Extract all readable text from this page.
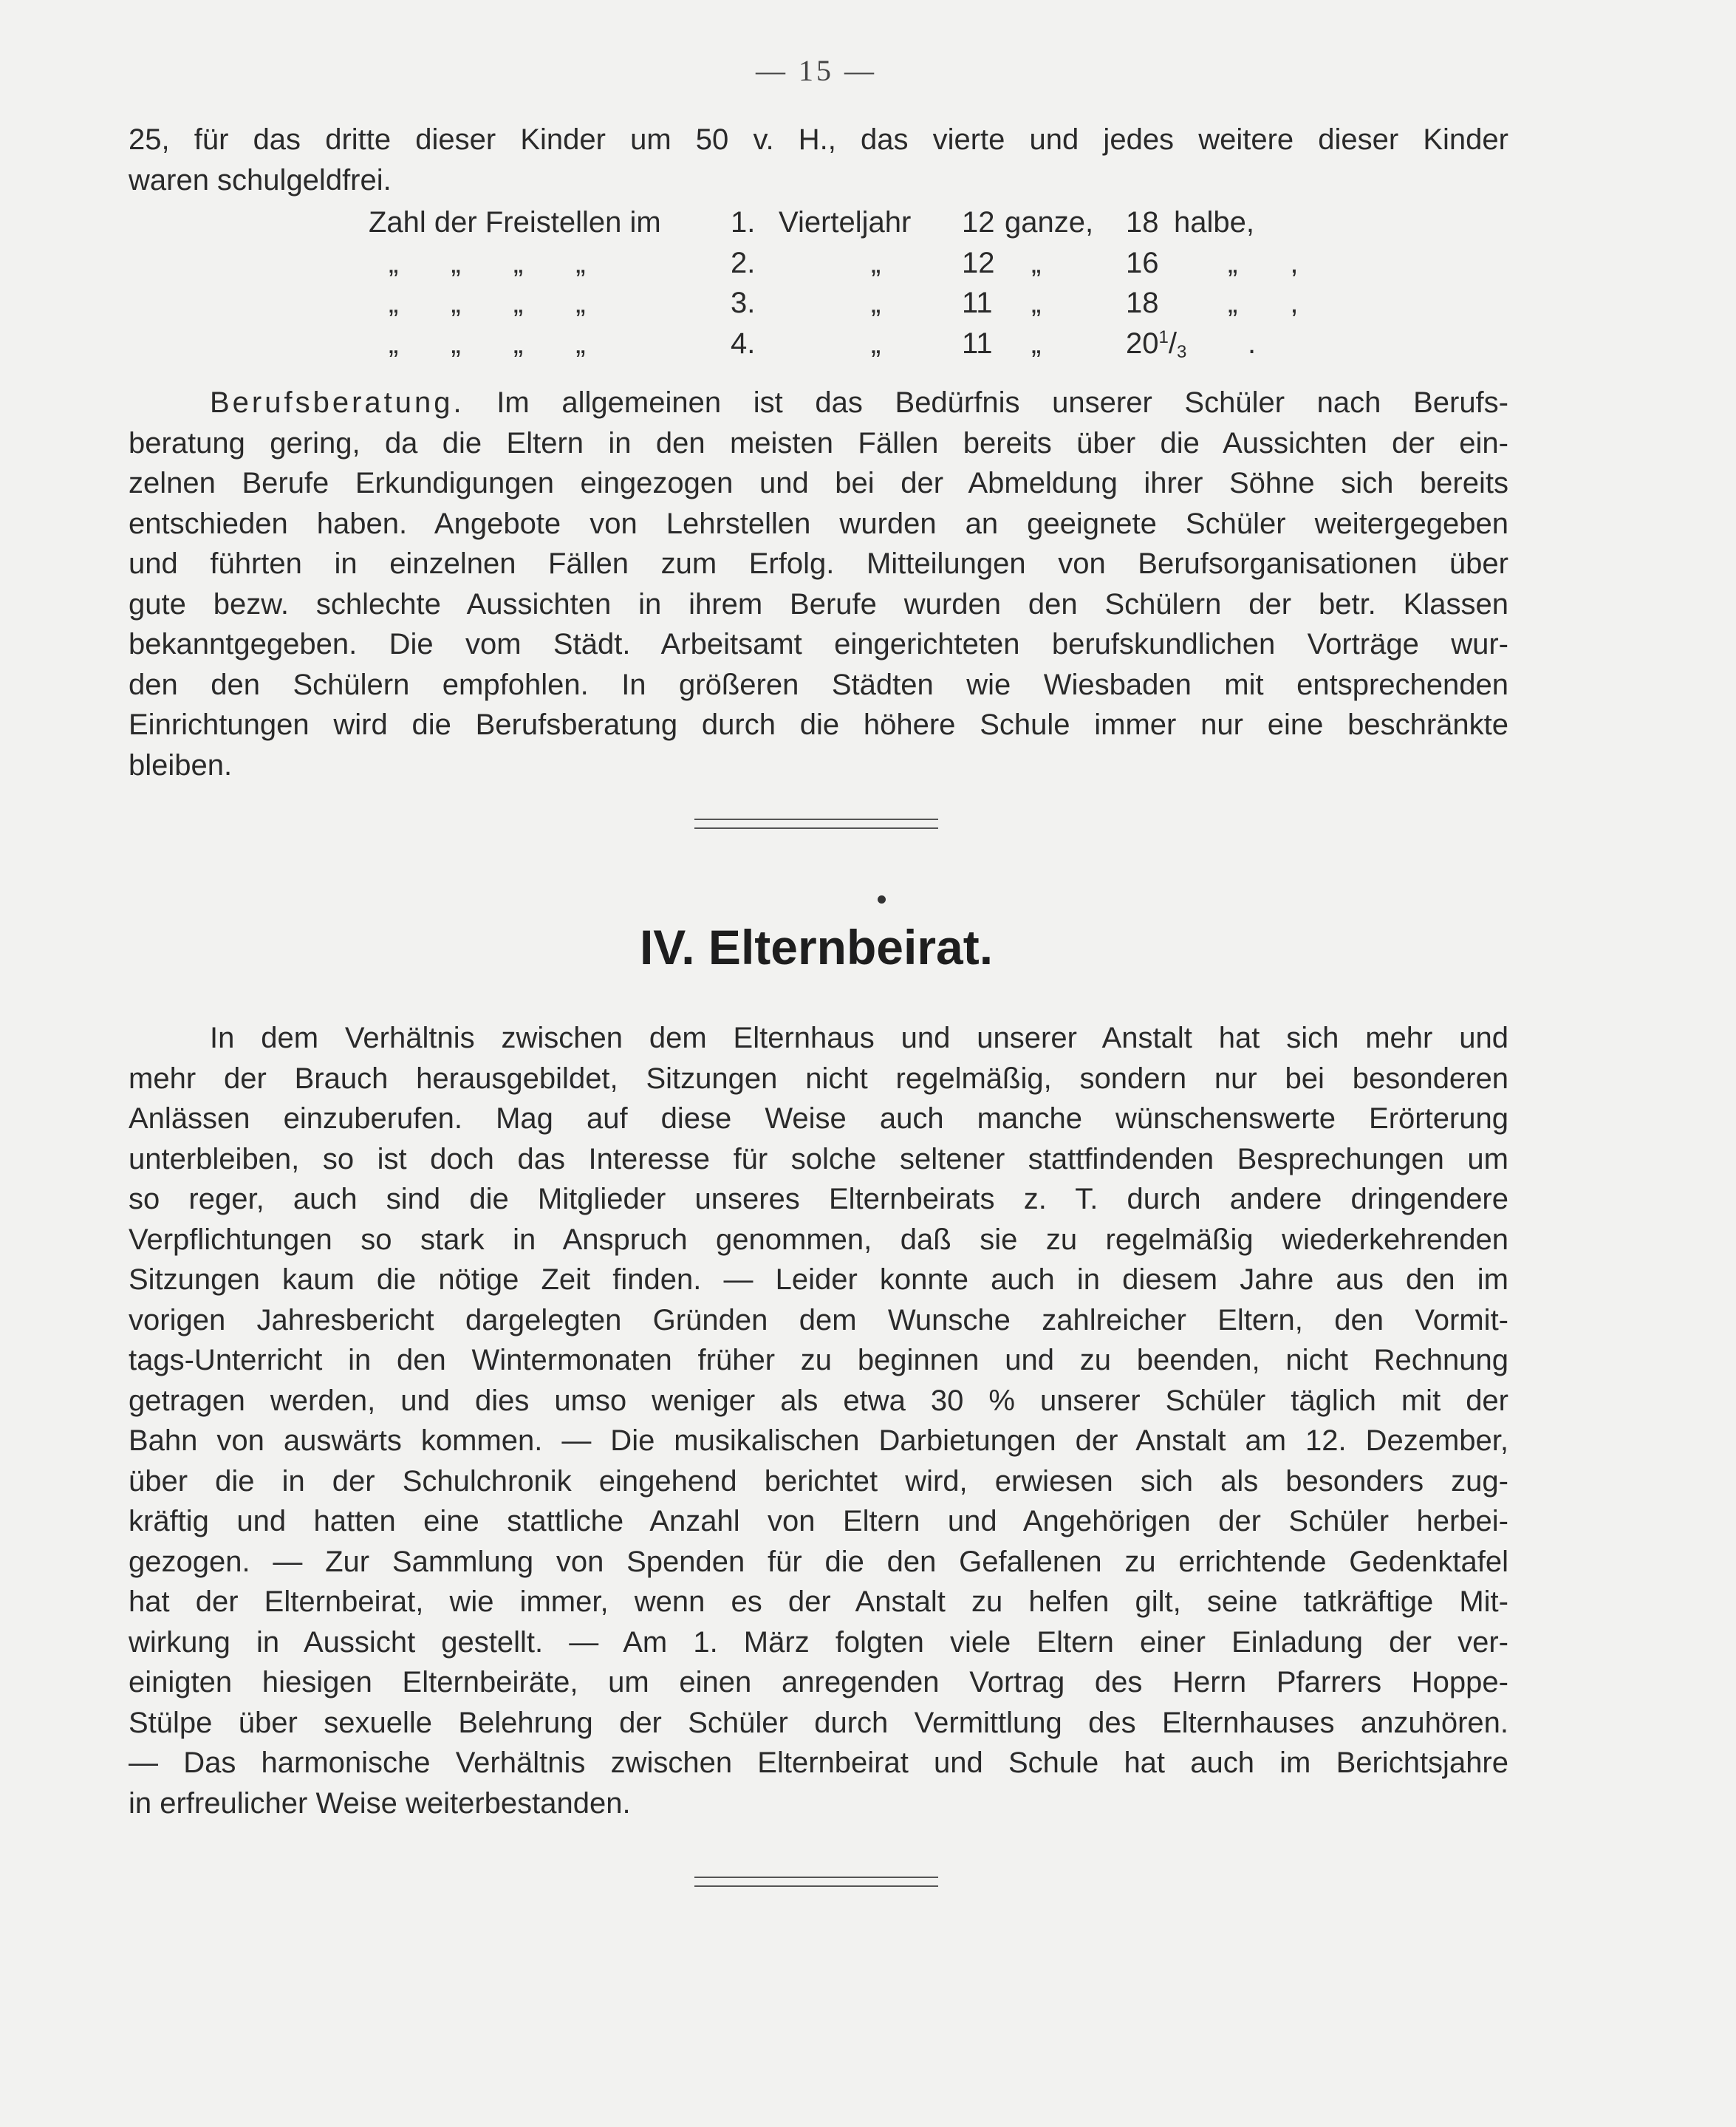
— 15 —

25, für das dritte dieser Kinder um 50 v. H., das vierte und jedes weitere dieser Kinder

waren schulgeldfrei.

Zahl der Freistellen im 1. Vierteljahr 12 ganze, 18 halbe,
„ „ „ „	2.	„	12 „	16 „ ,
„ „ „ „	3.	„	11 „	18 „ ,
„ „ „ „	4.	„	11 „	$20^1/_3$ .

Berufsberatung. Im allgemeinen ist das Bedürfnis unserer Schüler nach Berufs-

beratung gering, da die Eltern in den meisten Fällen bereits über die Aussichten der ein-

zelnen Berufe Erkundigungen eingezogen und bei der Abmeldung ihrer Söhne sich bereits

entschieden haben. Angebote von Lehrstellen wurden an geeignete Schüler weitergegeben

und führten in einzelnen Fällen zum Erfolg. Mitteilungen von Berufsorganisationen über

gute bezw. schlechte Aussichten in ihrem Berufe wurden den Schülern der betr. Klassen

bekanntgegeben. Die vom Städt. Arbeitsamt eingerichteten berufskundlichen Vorträge wur-

den den Schülern empfohlen. In größeren Städten wie Wiesbaden mit entsprechenden

Einrichtungen wird die Berufsberatung durch die höhere Schule immer nur eine beschränkte

bleiben.

IV. Elternbeirat.

In dem Verhältnis zwischen dem Elternhaus und unserer Anstalt hat sich mehr und

mehr der Brauch herausgebildet, Sitzungen nicht regelmäßig, sondern nur bei besonderen

Anlässen einzuberufen. Mag auf diese Weise auch manche wünschenswerte Erörterung

unterbleiben, so ist doch das Interesse für solche seltener stattfindenden Besprechungen um

so reger, auch sind die Mitglieder unseres Elternbeirats z. T. durch andere dringendere

Verpflichtungen so stark in Anspruch genommen, daß sie zu regelmäßig wiederkehrenden

Sitzungen kaum die nötige Zeit finden. — Leider konnte auch in diesem Jahre aus den im

vorigen Jahresbericht dargelegten Gründen dem Wunsche zahlreicher Eltern, den Vormit-

tags-Unterricht in den Wintermonaten früher zu beginnen und zu beenden, nicht Rechnung

getragen werden, und dies umso weniger als etwa 30 % unserer Schüler täglich mit der

Bahn von auswärts kommen. — Die musikalischen Darbietungen der Anstalt am 12. Dezember,

über die in der Schulchronik eingehend berichtet wird, erwiesen sich als besonders zug-

kräftig und hatten eine stattliche Anzahl von Eltern und Angehörigen der Schüler herbei-

gezogen. — Zur Sammlung von Spenden für die den Gefallenen zu errichtende Gedenktafel

hat der Elternbeirat, wie immer, wenn es der Anstalt zu helfen gilt, seine tatkräftige Mit-

wirkung in Aussicht gestellt. — Am 1. März folgten viele Eltern einer Einladung der ver-

einigten hiesigen Elternbeiräte, um einen anregenden Vortrag des Herrn Pfarrers Hoppe-

Stülpe über sexuelle Belehrung der Schüler durch Vermittlung des Elternhauses anzuhören.

— Das harmonische Verhältnis zwischen Elternbeirat und Schule hat auch im Berichtsjahre

in erfreulicher Weise weiterbestanden.
